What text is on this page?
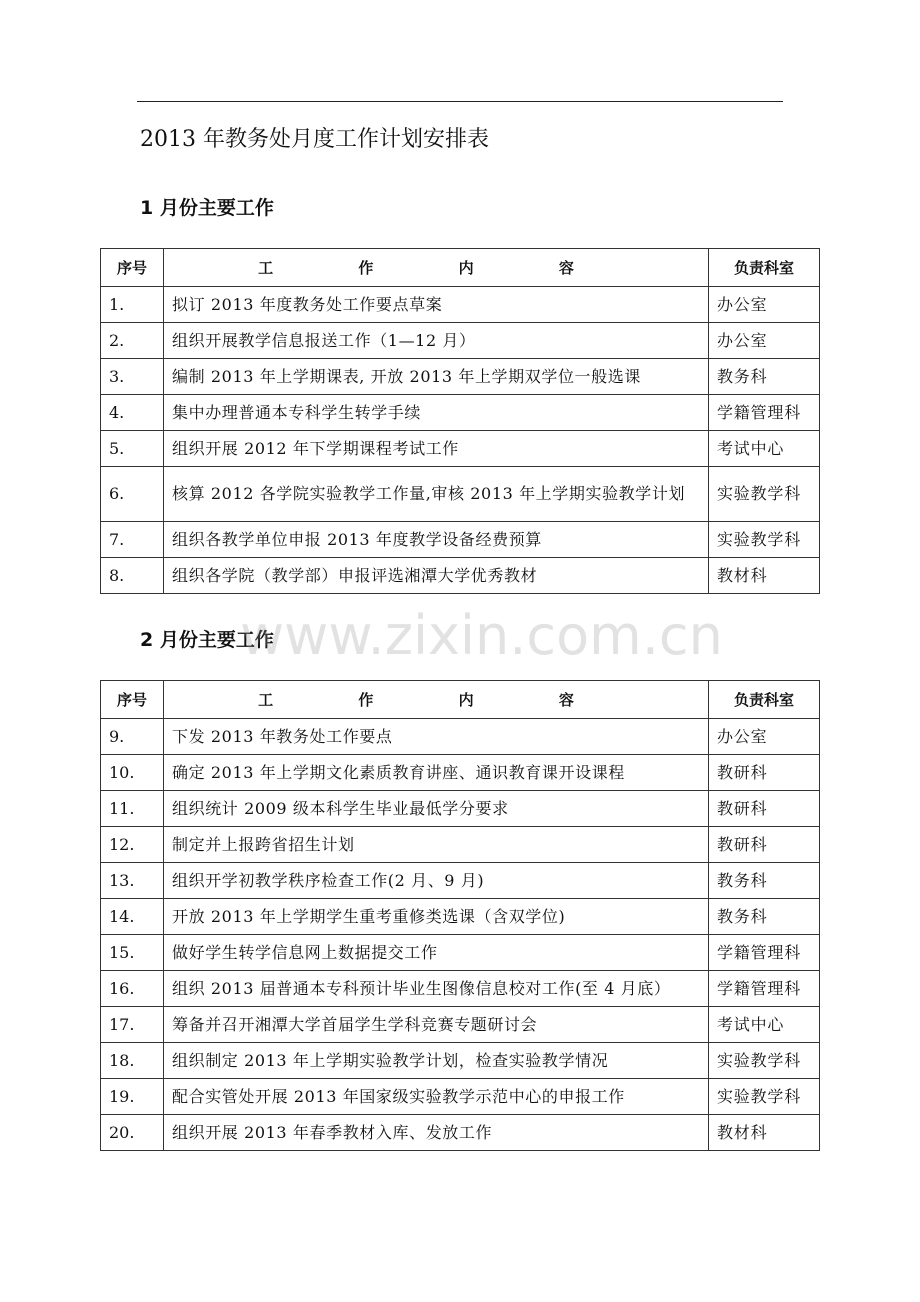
2013 年教务处月度工作计划安排表
1 月份主要工作
序号	工 作 内 容	负责科室
1.	拟订 2013 年度教务处工作要点草案	办公室
2.	组织开展教学信息报送工作（1—12 月）	办公室
3.	编制 2013 年上学期课表, 开放 2013 年上学期双学位一般选课	教务科
4.	集中办理普通本专科学生转学手续	学籍管理科
5.	组织开展 2012 年下学期课程考试工作	考试中心
6.	核算 2012 各学院实验教学工作量,审核 2013 年上学期实验教学计划	实验教学科
7.	组织各教学单位申报 2013 年度教学设备经费预算	实验教学科
8.	组织各学院（教学部）申报评选湘潭大学优秀教材	教材科
2 月份主要工作
www.zixin.com.cn
序号	工 作 内 容	负责科室
9.	下发 2013 年教务处工作要点	办公室
10.	确定 2013 年上学期文化素质教育讲座、通识教育课开设课程	教研科
11.	组织统计 2009 级本科学生毕业最低学分要求	教研科
12.	制定并上报跨省招生计划	教研科
13.	组织开学初教学秩序检查工作(2 月、9 月)	教务科
14.	开放 2013 年上学期学生重考重修类选课（含双学位)	教务科
15.	做好学生转学信息网上数据提交工作	学籍管理科
16.	组织 2013 届普通本专科预计毕业生图像信息校对工作(至 4 月底）	学籍管理科
17.	筹备并召开湘潭大学首届学生学科竞赛专题研讨会	考试中心
18.	组织制定 2013 年上学期实验教学计划，检查实验教学情况	实验教学科
19.	配合实管处开展 2013 年国家级实验教学示范中心的申报工作	实验教学科
20.	组织开展 2013 年春季教材入库、发放工作	教材科
